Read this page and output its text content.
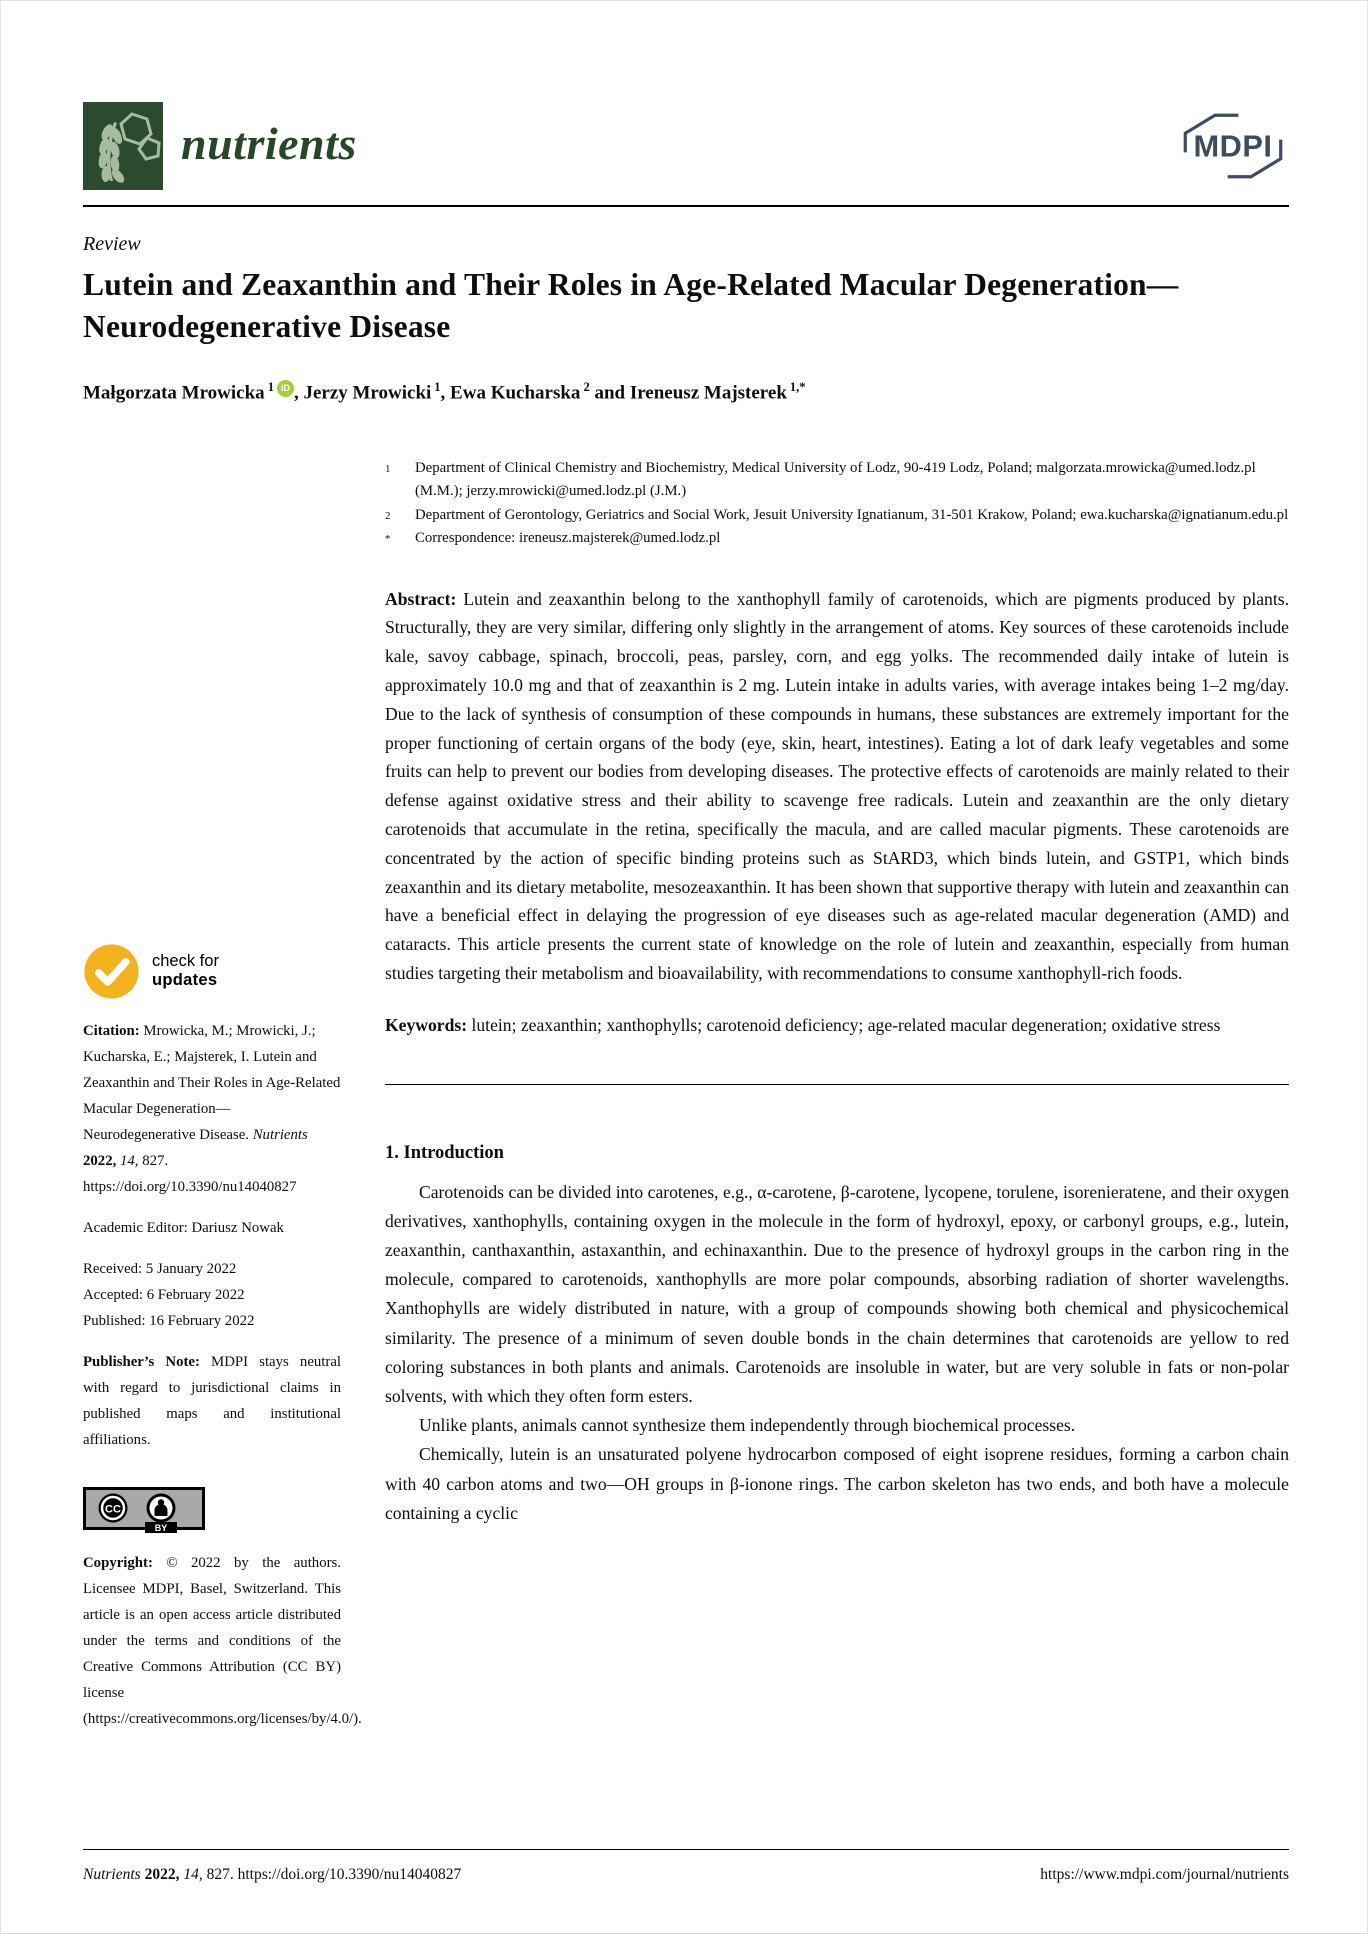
nutrients	MDPI
Review
Lutein and Zeaxanthin and Their Roles in Age-Related Macular Degeneration—Neurodegenerative Disease
Małgorzata Mrowicka $^1$ iD , Jerzy Mrowicki $^1$, Ewa Kucharska $^2$ and Ireneusz Majsterek $^{1,*}$
check for
updates
Citation: Mrowicka, M.; Mrowicki, J.; Kucharska, E.; Majsterek, I. Lutein and Zeaxanthin and Their Roles in Age-Related Macular Degeneration—Neurodegenerative Disease. Nutrients 2022, 14, 827. https://doi.org/10.3390/nu14040827
Academic Editor: Dariusz Nowak
Received: 5 January 2022
Accepted: 6 February 2022
Published: 16 February 2022
Publisher’s Note: MDPI stays neutral with regard to jurisdictional claims in published maps and institutional affiliations.
CC
BY
Copyright: © 2022 by the authors. Licensee MDPI, Basel, Switzerland. This article is an open access article distributed under the terms and conditions of the Creative Commons Attribution (CC BY) license (https://creativecommons.org/licenses/by/4.0/).
1	Department of Clinical Chemistry and Biochemistry, Medical University of Lodz, 90-419 Lodz, Poland; malgorzata.mrowicka@umed.lodz.pl (M.M.); jerzy.mrowicki@umed.lodz.pl (J.M.)
2	Department of Gerontology, Geriatrics and Social Work, Jesuit University Ignatianum, 31-501 Krakow, Poland; ewa.kucharska@ignatianum.edu.pl
*	Correspondence: ireneusz.majsterek@umed.lodz.pl

Abstract: Lutein and zeaxanthin belong to the xanthophyll family of carotenoids, which are pigments produced by plants. Structurally, they are very similar, differing only slightly in the arrangement of atoms. Key sources of these carotenoids include kale, savoy cabbage, spinach, broccoli, peas, parsley, corn, and egg yolks. The recommended daily intake of lutein is approximately 10.0 mg and that of zeaxanthin is 2 mg. Lutein intake in adults varies, with average intakes being 1–2 mg/day. Due to the lack of synthesis of consumption of these compounds in humans, these substances are extremely important for the proper functioning of certain organs of the body (eye, skin, heart, intestines). Eating a lot of dark leafy vegetables and some fruits can help to prevent our bodies from developing diseases. The protective effects of carotenoids are mainly related to their defense against oxidative stress and their ability to scavenge free radicals. Lutein and zeaxanthin are the only dietary carotenoids that accumulate in the retina, specifically the macula, and are called macular pigments. These carotenoids are concentrated by the action of specific binding proteins such as StARD3, which binds lutein, and GSTP1, which binds zeaxanthin and its dietary metabolite, mesozeaxanthin. It has been shown that supportive therapy with lutein and zeaxanthin can have a beneficial effect in delaying the progression of eye diseases such as age-related macular degeneration (AMD) and cataracts. This article presents the current state of knowledge on the role of lutein and zeaxanthin, especially from human studies targeting their metabolism and bioavailability, with recommendations to consume xanthophyll-rich foods.

Keywords: lutein; zeaxanthin; xanthophylls; carotenoid deficiency; age-related macular degeneration; oxidative stress

1. Introduction

Carotenoids can be divided into carotenes, e.g., α-carotene, β-carotene, lycopene, torulene, isorenieratene, and their oxygen derivatives, xanthophylls, containing oxygen in the molecule in the form of hydroxyl, epoxy, or carbonyl groups, e.g., lutein, zeaxanthin, canthaxanthin, astaxanthin, and echinaxanthin. Due to the presence of hydroxyl groups in the carbon ring in the molecule, compared to carotenoids, xanthophylls are more polar compounds, absorbing radiation of shorter wavelengths. Xanthophylls are widely distributed in nature, with a group of compounds showing both chemical and physicochemical similarity. The presence of a minimum of seven double bonds in the chain determines that carotenoids are yellow to red coloring substances in both plants and animals. Carotenoids are insoluble in water, but are very soluble in fats or non-polar solvents, with which they often form esters.

Unlike plants, animals cannot synthesize them independently through biochemical processes.

Chemically, lutein is an unsaturated polyene hydrocarbon composed of eight isoprene residues, forming a carbon chain with 40 carbon atoms and two—OH groups in β-ionone rings. The carbon skeleton has two ends, and both have a molecule containing a cyclic

Nutrients 2022, 14, 827. https://doi.org/10.3390/nu14040827	https://www.mdpi.com/journal/nutrients
